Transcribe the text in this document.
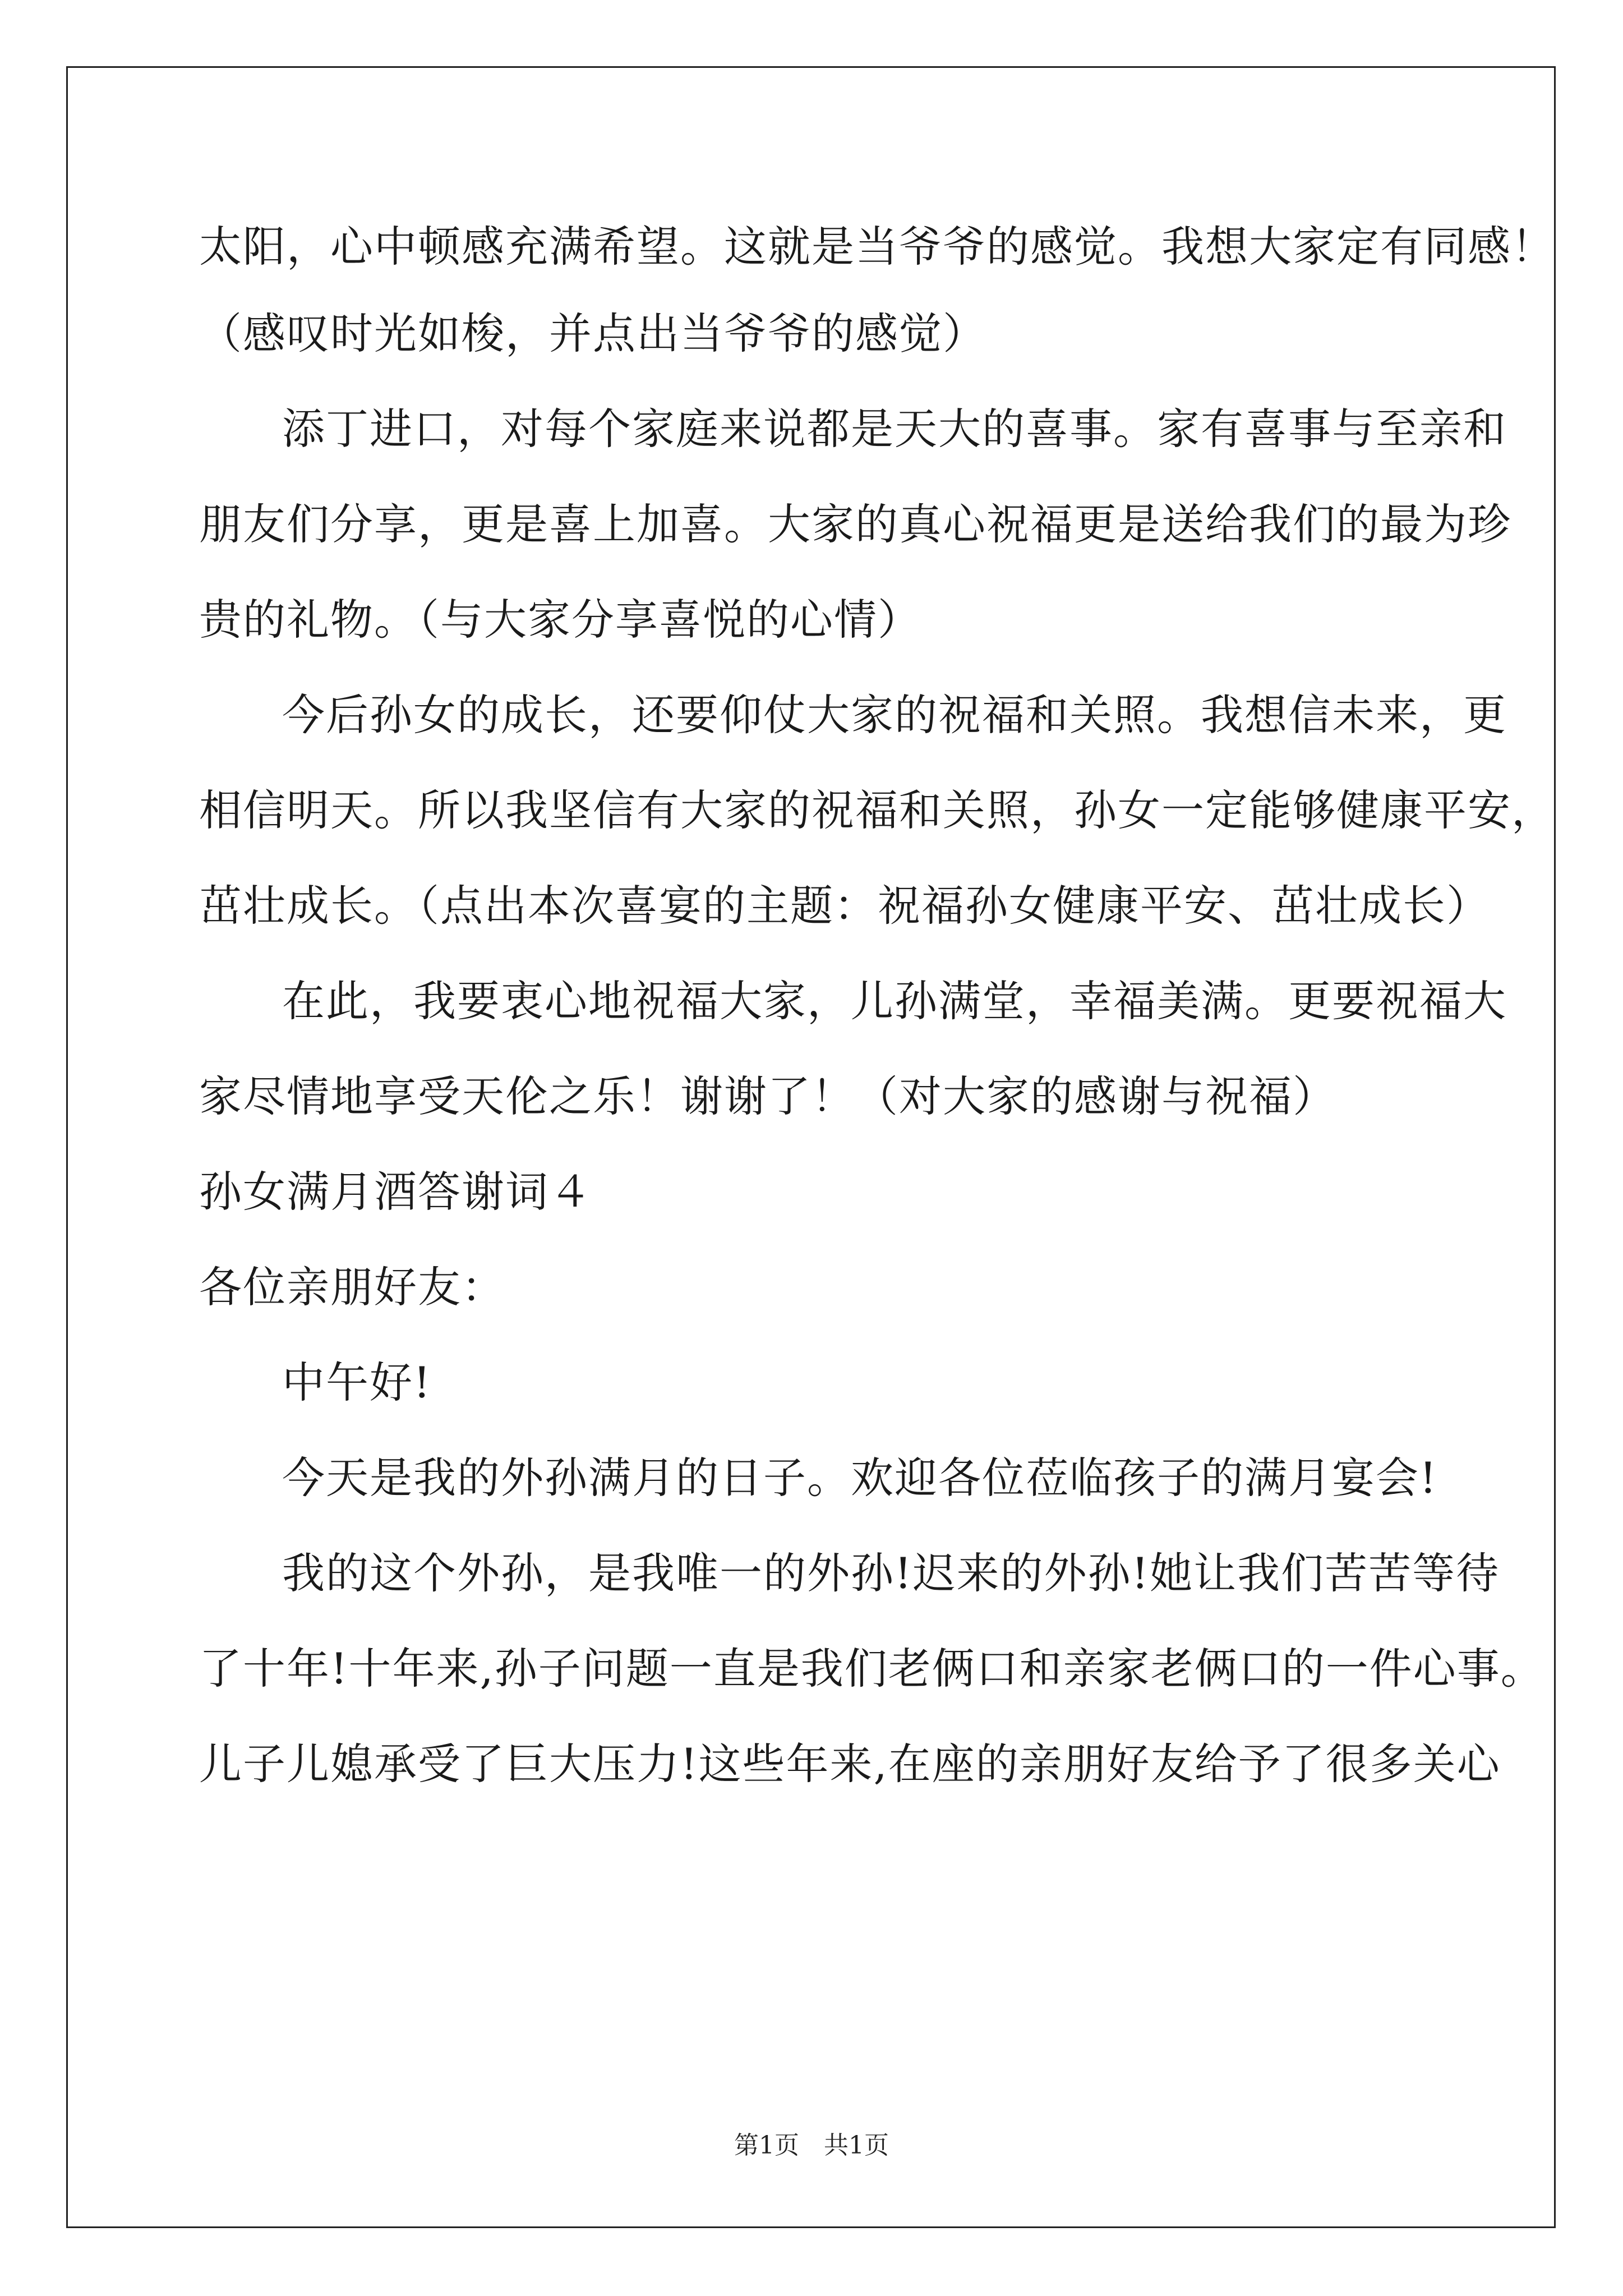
太阳，心中顿感充满希望。这就是当爷爷的感觉。我想大家定有同感！
（感叹时光如梭，并点出当爷爷的感觉）
添丁进口，对每个家庭来说都是天大的喜事。家有喜事与至亲和
朋友们分享，更是喜上加喜。大家的真心祝福更是送给我们的最为珍
贵的礼物。（与大家分享喜悦的心情）
今后孙女的成长，还要仰仗大家的祝福和关照。我想信未来，更
相信明天。所以我坚信有大家的祝福和关照，孙女一定能够健康平安，
茁壮成长。（点出本次喜宴的主题：祝福孙女健康平安、茁壮成长）
在此，我要衷心地祝福大家，儿孙满堂，幸福美满。更要祝福大
家尽情地享受天伦之乐！谢谢了！（对大家的感谢与祝福）
孙女满月酒答谢词４
各位亲朋好友：
中午好!
今天是我的外孙满月的日子。欢迎各位莅临孩子的满月宴会!
我的这个外孙，是我唯一的外孙!迟来的外孙!她让我们苦苦等待
了十年!十年来,孙子问题一直是我们老俩口和亲家老俩口的一件心事。
儿子儿媳承受了巨大压力!这些年来,在座的亲朋好友给予了很多关心
第1页　共1页
